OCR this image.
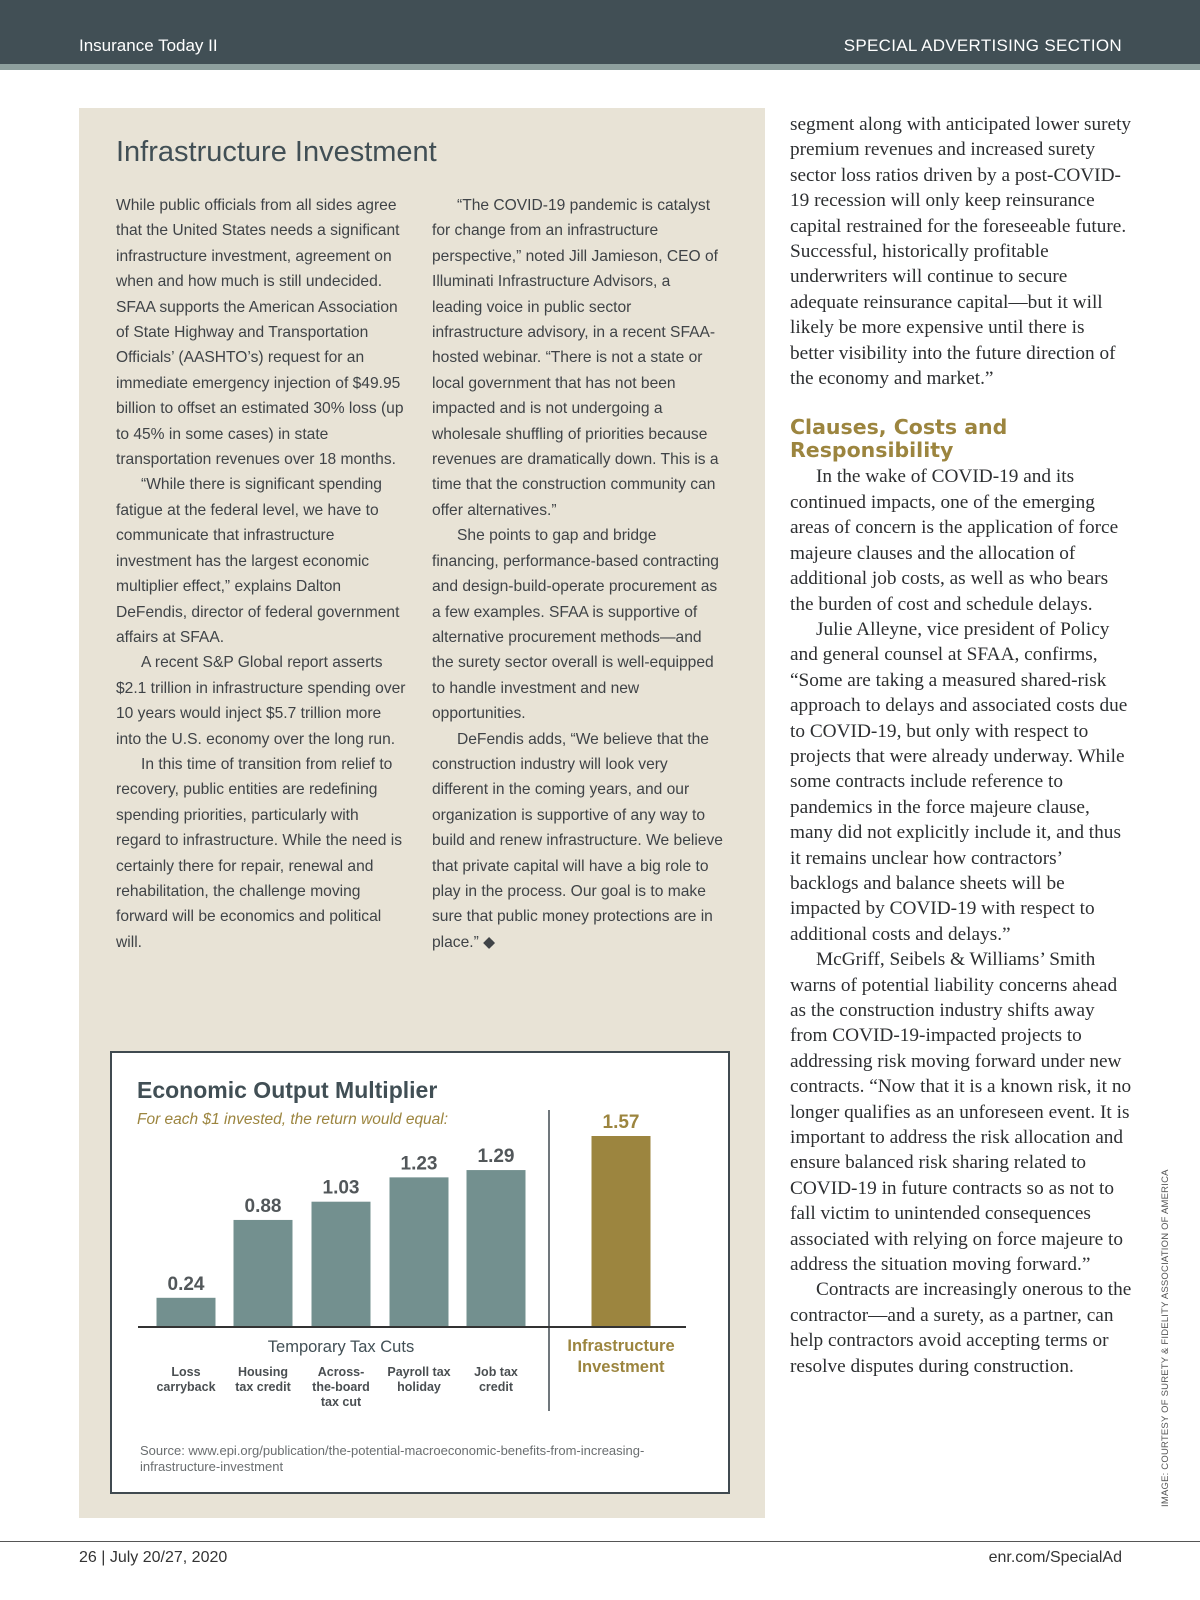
Insurance Today II	SPECIAL ADVERTISING SECTION
Infrastructure Investment

While public officials from all sides agree that the United States needs a significant infrastructure investment, agreement on when and how much is still undecided. SFAA supports the American Association of State Highway and Transportation Officials’ (AASHTO’s) request for an immediate emergency injection of $49.95 billion to offset an estimated 30% loss (up to 45% in some cases) in state transportation revenues over 18 months.

“While there is significant spending fatigue at the federal level, we have to communicate that infrastructure investment has the largest economic multiplier effect,” explains Dalton DeFendis, director of federal government affairs at SFAA.

A recent S&P Global report asserts $2.1 trillion in infrastructure spending over 10 years would inject $5.7 trillion more into the U.S. economy over the long run.

In this time of transition from relief to recovery, public entities are redefining spending priorities, particularly with regard to infrastructure. While the need is certainly there for repair, renewal and rehabilitation, the challenge moving forward will be economics and political will.

“The COVID-19 pandemic is catalyst for change from an infrastructure perspective,” noted Jill Jamieson, CEO of Illuminati Infrastructure Advisors, a leading voice in public sector infrastructure advisory, in a recent SFAA-hosted webinar. “There is not a state or local government that has not been impacted and is not undergoing a wholesale shuffling of priorities because revenues are dramatically down. This is a time that the construction community can offer alternatives.”

She points to gap and bridge financing, performance-based contracting and design-build-operate procurement as a few examples. SFAA is supportive of alternative procurement methods—and the surety sector overall is well-equipped to handle investment and new opportunities.

DeFendis adds, “We believe that the construction industry will look very different in the coming years, and our organization is supportive of any way to build and renew infrastructure. We believe that private capital will have a big role to play in the process. Our goal is to make sure that public money protections are in place.” ◆

Economic Output Multiplier
For each $1 invested, the return would equal:
0.24
0.88
1.03
1.23 1.29
1.57
Temporary Tax Cuts
Loss
carryback
Housing
tax credit
Across-
the-board
tax cut
Payroll tax
holiday
Job tax
credit
Infrastructure
Investment
Source: www.epi.org/publication/the-potential-macroeconomic-benefits-from-increasing-infrastructure-investment

segment along with anticipated lower surety premium revenues and increased surety sector loss ratios driven by a post-COVID-19 recession will only keep reinsurance capital restrained for the foreseeable future. Successful, historically profitable underwriters will continue to secure adequate reinsurance capital—but it will likely be more expensive until there is better visibility into the future direction of the economy and market.”

Clauses, Costs and Responsibility

In the wake of COVID-19 and its continued impacts, one of the emerging areas of concern is the application of force majeure clauses and the allocation of additional job costs, as well as who bears the burden of cost and schedule delays.

Julie Alleyne, vice president of Policy and general counsel at SFAA, confirms, “Some are taking a measured shared-risk approach to delays and associated costs due to COVID-19, but only with respect to projects that were already underway. While some contracts include reference to pandemics in the force majeure clause, many did not explicitly include it, and thus it remains unclear how contractors’ backlogs and balance sheets will be impacted by COVID-19 with respect to additional costs and delays.”

McGriff, Seibels & Williams’ Smith warns of potential liability concerns ahead as the construction industry shifts away from COVID-19-impacted projects to addressing risk moving forward under new contracts. “Now that it is a known risk, it no longer qualifies as an unforeseen event. It is important to address the risk allocation and ensure balanced risk sharing related to COVID-19 in future contracts so as not to fall victim to unintended consequences associated with relying on force majeure to address the situation moving forward.”

Contracts are increasingly onerous to the contractor—and a surety, as a partner, can help contractors avoid accepting terms or resolve disputes during construction.	IMAGE: COURTESY OF SURETY & FIDELITY ASSOCIATION OF AMERICA
26 | July 20/27, 2020	enr.com/SpecialAd
